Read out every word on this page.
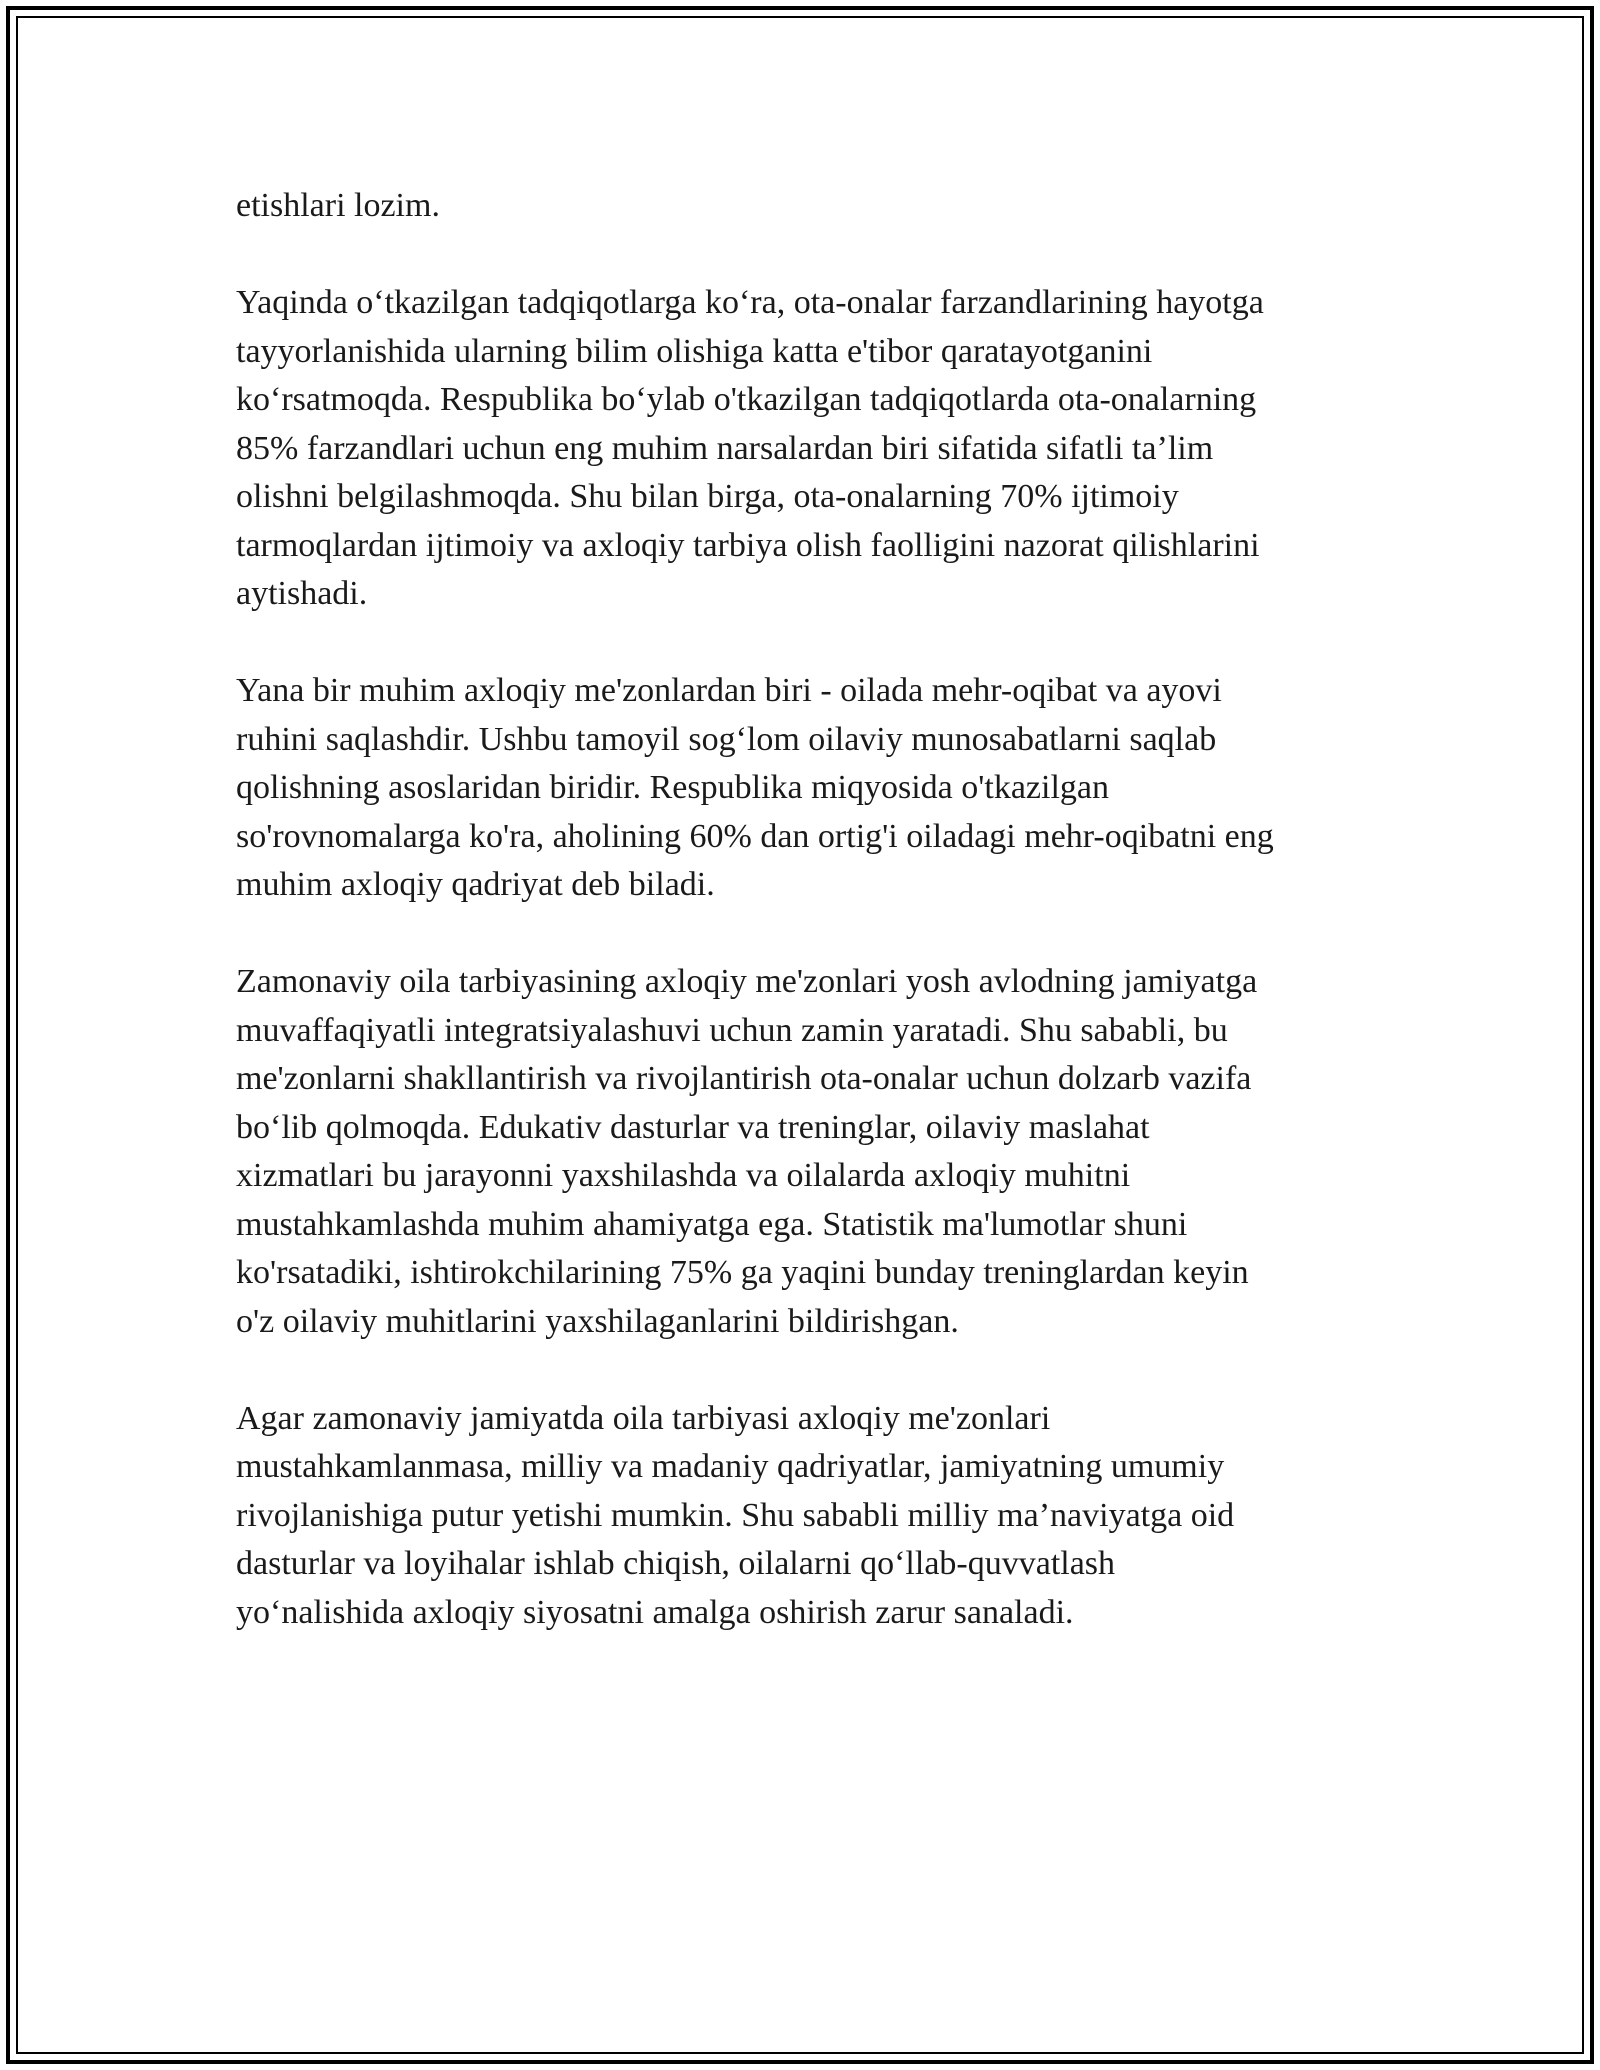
etishlari lozim.

Yaqinda o‘tkazilgan tadqiqotlarga ko‘ra, ota-onalar farzandlarining hayotga
tayyorlanishida ularning bilim olishiga katta e'tibor qaratayotganini
ko‘rsatmoqda. Respublika bo‘ylab o'tkazilgan tadqiqotlarda ota-onalarning
85% farzandlari uchun eng muhim narsalardan biri sifatida sifatli ta’lim
olishni belgilashmoqda. Shu bilan birga, ota-onalarning 70% ijtimoiy
tarmoqlardan ijtimoiy va axloqiy tarbiya olish faolligini nazorat qilishlarini
aytishadi.

Yana bir muhim axloqiy me'zonlardan biri - oilada mehr-oqibat va ayovi
ruhini saqlashdir. Ushbu tamoyil sog‘lom oilaviy munosabatlarni saqlab
qolishning asoslaridan biridir. Respublika miqyosida o'tkazilgan
so'rovnomalarga ko'ra, aholining 60% dan ortig'i oiladagi mehr-oqibatni eng
muhim axloqiy qadriyat deb biladi.

Zamonaviy oila tarbiyasining axloqiy me'zonlari yosh avlodning jamiyatga
muvaffaqiyatli integratsiyalashuvi uchun zamin yaratadi. Shu sababli, bu
me'zonlarni shakllantirish va rivojlantirish ota-onalar uchun dolzarb vazifa
bo‘lib qolmoqda. Edukativ dasturlar va treninglar, oilaviy maslahat
xizmatlari bu jarayonni yaxshilashda va oilalarda axloqiy muhitni
mustahkamlashda muhim ahamiyatga ega. Statistik ma'lumotlar shuni
ko'rsatadiki, ishtirokchilarining 75% ga yaqini bunday treninglardan keyin
o'z oilaviy muhitlarini yaxshilaganlarini bildirishgan.

Agar zamonaviy jamiyatda oila tarbiyasi axloqiy me'zonlari
mustahkamlanmasa, milliy va madaniy qadriyatlar, jamiyatning umumiy
rivojlanishiga putur yetishi mumkin. Shu sababli milliy ma’naviyatga oid
dasturlar va loyihalar ishlab chiqish, oilalarni qo‘llab-quvvatlash
yo‘nalishida axloqiy siyosatni amalga oshirish zarur sanaladi.
